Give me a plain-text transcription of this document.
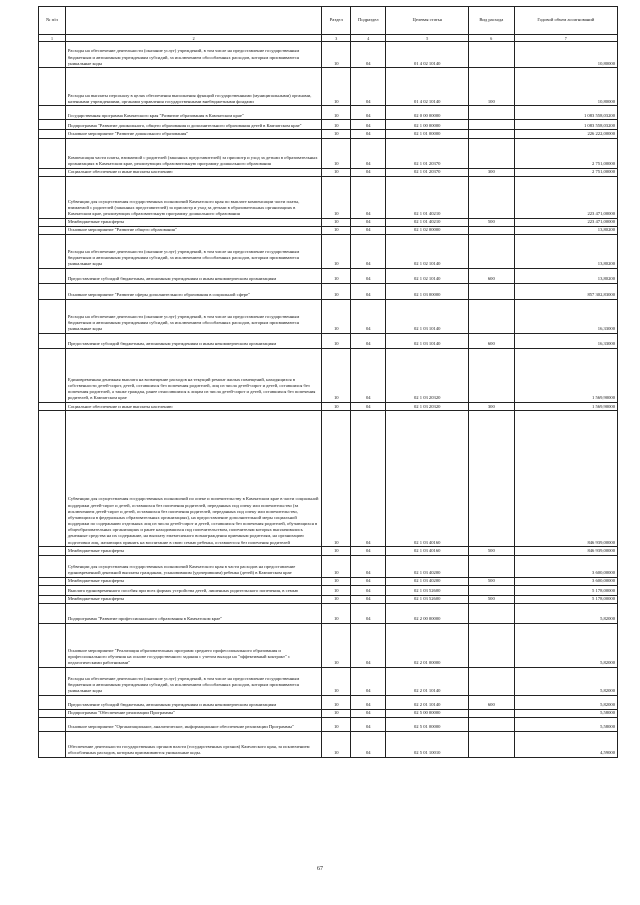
№ п/п		Раздел	Подраздел	Целевая статья	Вид расхода	Годовой объем ассигнований
1	2	3	4	5	6	7
	Расходы на обеспечение деятельности (оказание услуг) учреждений, в том числе на предоставление государственным бюджетным и автономным учреждениям субсидий, за исключением обособленных расходов, которым присваиваются уникальные коды	10	04	01 4 02 10140		10,80000
	Расходы на выплаты персоналу в целях обеспечения выполнения функций государственными (муниципальными) органами, казенными учреждениями, органами управления государственными внебюджетными фондами	10	04	01 4 02 10140	100	10,80000
	Государственная программа Камчатского края "Развитие образования в Камчатском крае"	10	04	02 0 00 00000		1 083 558,03200
	Подпрограмма "Развитие дошкольного, общего образования и дополнительного образования детей в Камчатском крае"	10	04	02 1 00 00000		1 083 558,03200
	Основное мероприятие "Развитие дошкольного образования"	10	04	02 1 01 00000		226 222,00000
	Компенсация части платы, взимаемой с родителей (законных представителей) за присмотр и уход за детьми в образовательных организациях в Камчатском крае, реализующих образовательную программу дошкольного образования	10	04	02 1 01 20370		2 751,00000
	Социальное обеспечение и иные выплаты населению	10	04	02 1 01 20370	300	2 751,00000
	Субвенции для осуществления государственных полномочий Камчатского края по выплате компенсации части платы, взимаемой с родителей (законных представителей) за присмотр и уход за детьми в образовательных организациях в Камчатском крае, реализующих образовательную программу дошкольного образования	10	04	02 1 01 40210		223 471,00000
	Межбюджетные трансферты	10	04	02 1 01 40210	500	223 471,00000
	Основное мероприятие "Развитие общего образования"	10	04	02 1 02 00000		13,80200
	Расходы на обеспечение деятельности (оказание услуг) учреждений, в том числе на предоставление государственным бюджетным и автономным учреждениям субсидий, за исключением обособленных расходов, которым присваиваются уникальные коды	10	04	02 1 02 10140		13,80200
	Предоставление субсидий бюджетным, автономным учреждениям и иным некоммерческим организациям	10	04	02 1 02 10140	600	13,80200
	Основное мероприятие "Развитие сферы дополнительного образования в социальной сфере"	10	04	02 1 03 00000		857 302,83000
	Расходы на обеспечение деятельности (оказание услуг) учреждений, в том числе на предоставление государственным бюджетным и автономным учреждениям субсидий, за исключением обособленных расходов, которым присваиваются уникальные коды	10	04	02 1 03 10140		16,33000
	Предоставление субсидий бюджетным, автономным учреждениям и иным некоммерческим организациям	10	04	02 1 03 10140	600	16,33000
	Единовременная денежная выплата на возмещение расходов на текущий ремонт жилых помещений, находящихся в собственности детей-сирот, детей, оставшихся без попечения родителей, лиц из числа детей-сирот и детей, оставшихся без попечения родителей, а также граждан, ранее относившихся к лицам из числа детей-сирот и детей, оставшихся без попечения родителей, в Камчатском крае	10	04	02 1 03 20320		1 569,90000
	Социальное обеспечение и иные выплаты населению	10	04	02 1 03 20320	300	1 569,90000
	Субвенции для осуществления государственных полномочий по опеке и попечительству в Камчатском крае в части социальной поддержки детей-сирот и детей, оставшихся без попечения родителей, переданных под опеку или попечительство (за исключением детей-сирот и детей, оставшихся без попечения родителей, переданных под опеку или попечительство, обучающихся в федеральных образовательных организациях), на предоставление дополнительной меры социальной поддержки по содержанию отдельных лиц из числа детей-сирот и детей, оставшихся без попечения родителей, обучающихся в общеобразовательных организациях и ранее находившихся под попечительством, попечителям которых выплачивались денежные средства на их содержание, на выплату ежемесячного вознаграждения приемным родителям, на организацию подготовки лиц, желающих принять на воспитание в свою семью ребенка, оставшегося без попечения родителей	10	04	02 1 03 40160		846 939,00000
	Межбюджетные трансферты	10	04	02 1 03 40160	500	846 939,00000
	Субвенции для осуществления государственных полномочий Камчатского края в части расходов на предоставление единовременной денежной выплаты гражданам, усыновившим (удочерившим) ребенка (детей) в Камчатском крае	10	04	02 1 03 40200		3 600,00000
	Межбюджетные трансферты	10	04	02 1 03 40200	500	3 600,00000
	Выплата единовременного пособия при всех формах устройства детей, лишенных родительского попечения, в семью	10	04	02 1 03 52600		5 178,00000
	Межбюджетные трансферты	10	04	02 1 03 52600	500	5 178,00000
	Подпрограмма "Развитие профессионального образования в Камчатском крае"	10	04	02 2 00 00000		5,82000
	Основное мероприятие "Реализация образовательных программ среднего профессионального образования и профессионального обучения на основе государственного задания с учетом выхода на "эффективный контракт" с педагогическими работниками"	10	04	02 2 01 00000		5,82000
	Расходы на обеспечение деятельности (оказание услуг) учреждений, в том числе на предоставление государственным бюджетным и автономным учреждениям субсидий, за исключением обособленных расходов, которым присваиваются уникальные коды	10	04	02 2 01 10140		5,82000
	Предоставление субсидий бюджетным, автономным учреждениям и иным некоммерческим организациям	10	04	02 2 01 10140	600	5,82000
	Подпрограмма "Обеспечение реализации Программы"	10	04	02 5 00 00000		5,58000
	Основное мероприятие "Организационное, аналитическое, информационное обеспечение реализации Программы"	10	04	02 5 01 00000		5,58000
	Обеспечение деятельности государственных органов власти (государственных органов) Камчатского края, за исключением обособленных расходов, которым присваиваются уникальные коды.	10	04	02 5 01 10010		4,59000
67
